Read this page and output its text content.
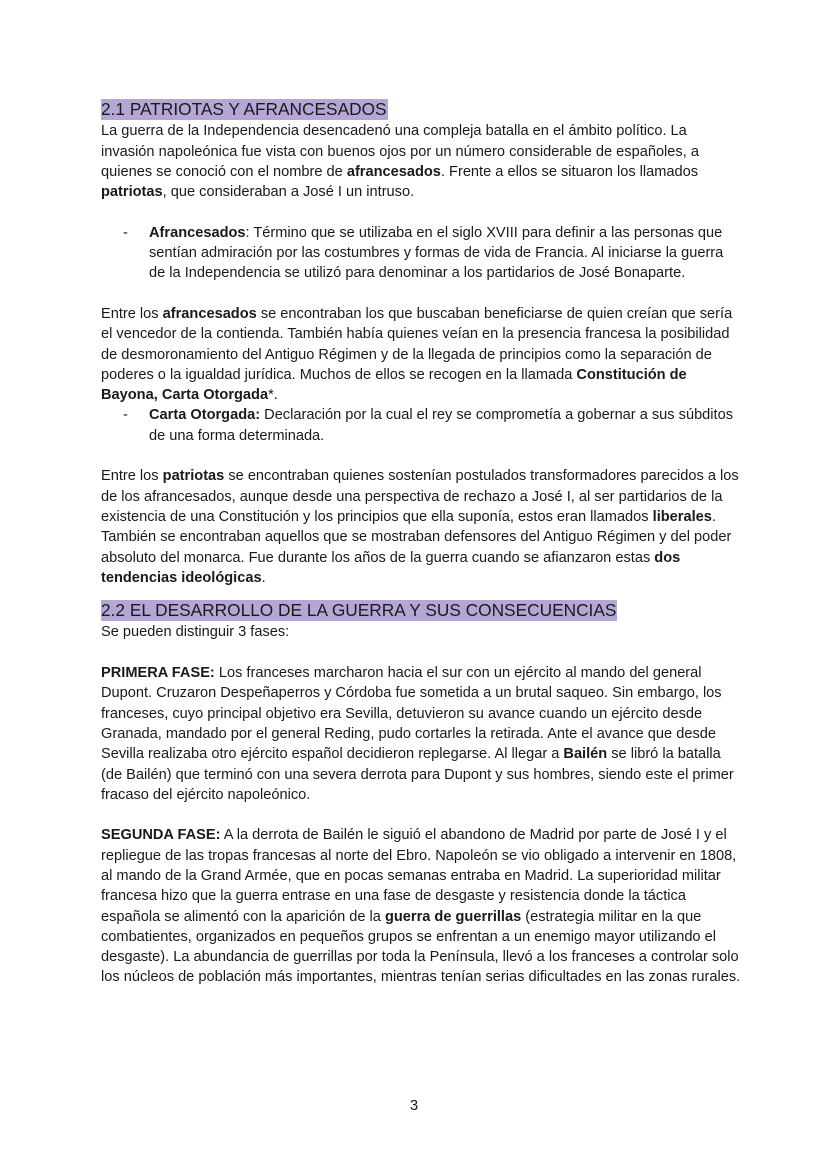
2.1 PATRIOTAS Y AFRANCESADOS

La guerra de la Independencia desencadenó una compleja batalla en el ámbito político. La invasión napoleónica fue vista con buenos ojos por un número considerable de españoles, a quienes se conoció con el nombre de afrancesados. Frente a ellos se situaron los llamados patriotas, que consideraban a José I un intruso.

- Afrancesados: Término que se utilizaba en el siglo XVIII para definir a las personas que sentían admiración por las costumbres y formas de vida de Francia. Al iniciarse la guerra de la Independencia se utilizó para denominar a los partidarios de José Bonaparte.

Entre los afrancesados se encontraban los que buscaban beneficiarse de quien creían que sería el vencedor de la contienda. También había quienes veían en la presencia francesa la posibilidad de desmoronamiento del Antiguo Régimen y de la llegada de principios como la separación de poderes o la igualdad jurídica. Muchos de ellos se recogen en la llamada Constitución de Bayona, Carta Otorgada*.

- Carta Otorgada: Declaración por la cual el rey se comprometía a gobernar a sus súbditos de una forma determinada.

Entre los patriotas se encontraban quienes sostenían postulados transformadores parecidos a los de los afrancesados, aunque desde una perspectiva de rechazo a José I, al ser partidarios de la existencia de una Constitución y los principios que ella suponía, estos eran llamados liberales. También se encontraban aquellos que se mostraban defensores del Antiguo Régimen y del poder absoluto del monarca. Fue durante los años de la guerra cuando se afianzaron estas dos tendencias ideológicas.

2.2 EL DESARROLLO DE LA GUERRA Y SUS CONSECUENCIAS

Se pueden distinguir 3 fases:

PRIMERA FASE: Los franceses marcharon hacia el sur con un ejército al mando del general Dupont. Cruzaron Despeñaperros y Córdoba fue sometida a un brutal saqueo. Sin embargo, los franceses, cuyo principal objetivo era Sevilla, detuvieron su avance cuando un ejército desde Granada, mandado por el general Reding, pudo cortarles la retirada. Ante el avance que desde Sevilla realizaba otro ejército español decidieron replegarse. Al llegar a Bailén se libró la batalla (de Bailén) que terminó con una severa derrota para Dupont y sus hombres, siendo este el primer fracaso del ejército napoleónico.

SEGUNDA FASE: A la derrota de Bailén le siguió el abandono de Madrid por parte de José I y el repliegue de las tropas francesas al norte del Ebro. Napoleón se vio obligado a intervenir en 1808, al mando de la Grand Armée, que en pocas semanas entraba en Madrid. La superioridad militar francesa hizo que la guerra entrase en una fase de desgaste y resistencia donde la táctica española se alimentó con la aparición de la guerra de guerrillas (estrategia militar en la que combatientes, organizados en pequeños grupos se enfrentan a un enemigo mayor utilizando el desgaste). La abundancia de guerrillas por toda la Península, llevó a los franceses a controlar solo los núcleos de población más importantes, mientras tenían serias dificultades en las zonas rurales.

3
